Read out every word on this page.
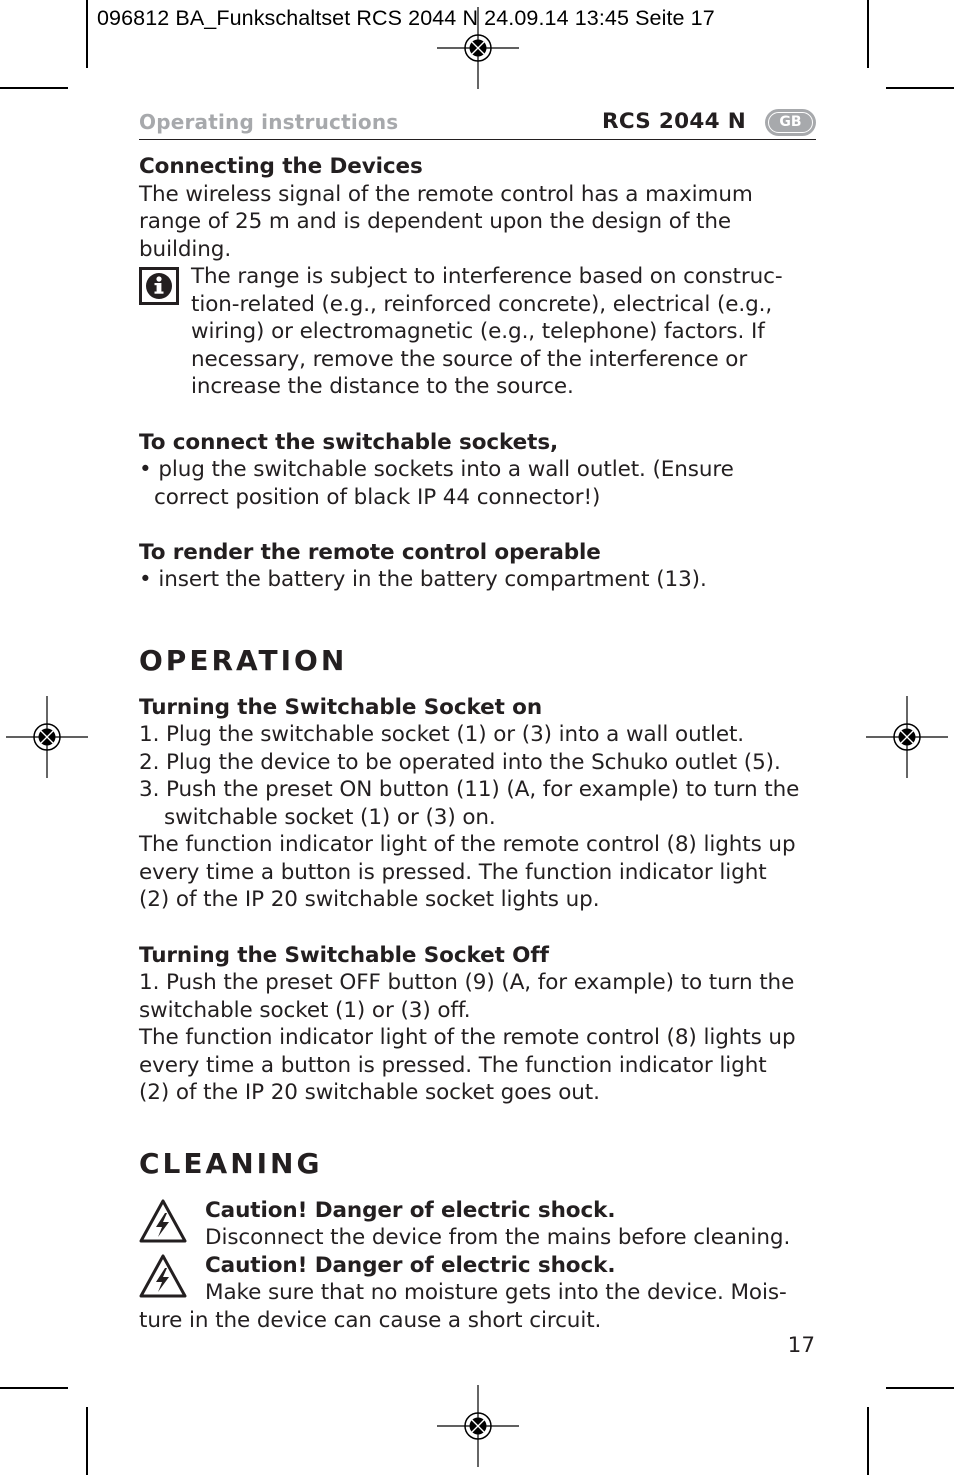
096812 BA_Funkschaltset RCS 2044 N 24.09.14 13:45 Seite 17
Operating instructions	RCS 2044 N	GB
Connecting the Devices
The wireless signal of the remote control has a maximum
range of 25 m and is dependent upon the design of the
building.
The range is subject to interference based on construc-
tion-related (e.g., reinforced concrete), electrical (e.g.,
wiring) or electromagnetic (e.g., telephone) factors. If
necessary, remove the source of the interference or
increase the distance to the source.
To connect the switchable sockets,
• plug the switchable sockets into a wall outlet. (Ensure
correct position of black IP 44 connector!)
To render the remote control operable
• insert the battery in the battery compartment (13).
OPERATION
Turning the Switchable Socket on
1. Plug the switchable socket (1) or (3) into a wall outlet.
2. Plug the device to be operated into the Schuko outlet (5).
3. Push the preset ON button (11) (A, for example) to turn the
switchable socket (1) or (3) on.
The function indicator light of the remote control (8) lights up
every time a button is pressed. The function indicator light
(2) of the IP 20 switchable socket lights up.
Turning the Switchable Socket Off
1. Push the preset OFF button (9) (A, for example) to turn the
switchable socket (1) or (3) off.
The function indicator light of the remote control (8) lights up
every time a button is pressed. The function indicator light
(2) of the IP 20 switchable socket goes out.
CLEANING
Caution! Danger of electric shock.
Disconnect the device from the mains before cleaning.
Caution! Danger of electric shock.
Make sure that no moisture gets into the device. Mois-
ture in the device can cause a short circuit.
17
